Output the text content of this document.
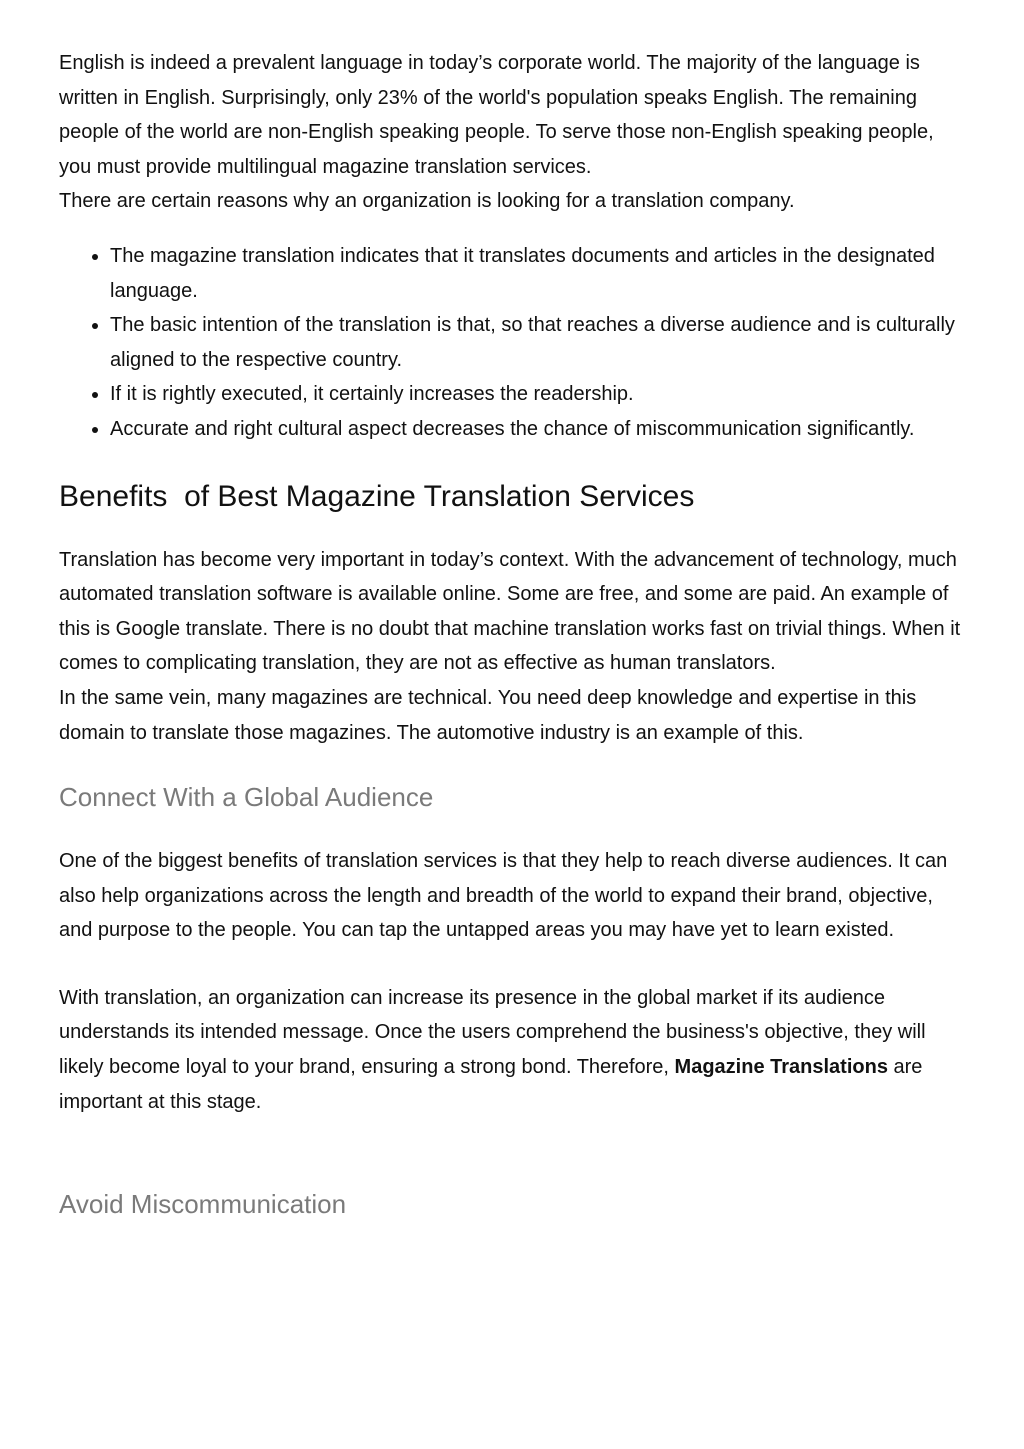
English is indeed a prevalent language in today’s corporate world. The majority of the language is written in English. Surprisingly, only 23% of the world's population speaks English. The remaining people of the world are non-English speaking people. To serve those non-English speaking people, you must provide multilingual magazine translation services.

There are certain reasons why an organization is looking for a translation company.

• The magazine translation indicates that it translates documents and articles in the designated language.
• The basic intention of the translation is that, so that reaches a diverse audience and is culturally aligned to the respective country.
• If it is rightly executed, it certainly increases the readership.
• Accurate and right cultural aspect decreases the chance of miscommunication significantly.
Benefits  of Best Magazine Translation Services

Translation has become very important in today’s context. With the advancement of technology, much automated translation software is available online. Some are free, and some are paid. An example of this is Google translate. There is no doubt that machine translation works fast on trivial things. When it comes to complicating translation, they are not as effective as human translators.

In the same vein, many magazines are technical. You need deep knowledge and expertise in this domain to translate those magazines. The automotive industry is an example of this.

Connect With a Global Audience

One of the biggest benefits of translation services is that they help to reach diverse audiences. It can also help organizations across the length and breadth of the world to expand their brand, objective, and purpose to the people. You can tap the untapped areas you may have yet to learn existed.

With translation, an organization can increase its presence in the global market if its audience understands its intended message. Once the users comprehend the business's objective, they will likely become loyal to your brand, ensuring a strong bond. Therefore, Magazine Translations are important at this stage.

Avoid Miscommunication
